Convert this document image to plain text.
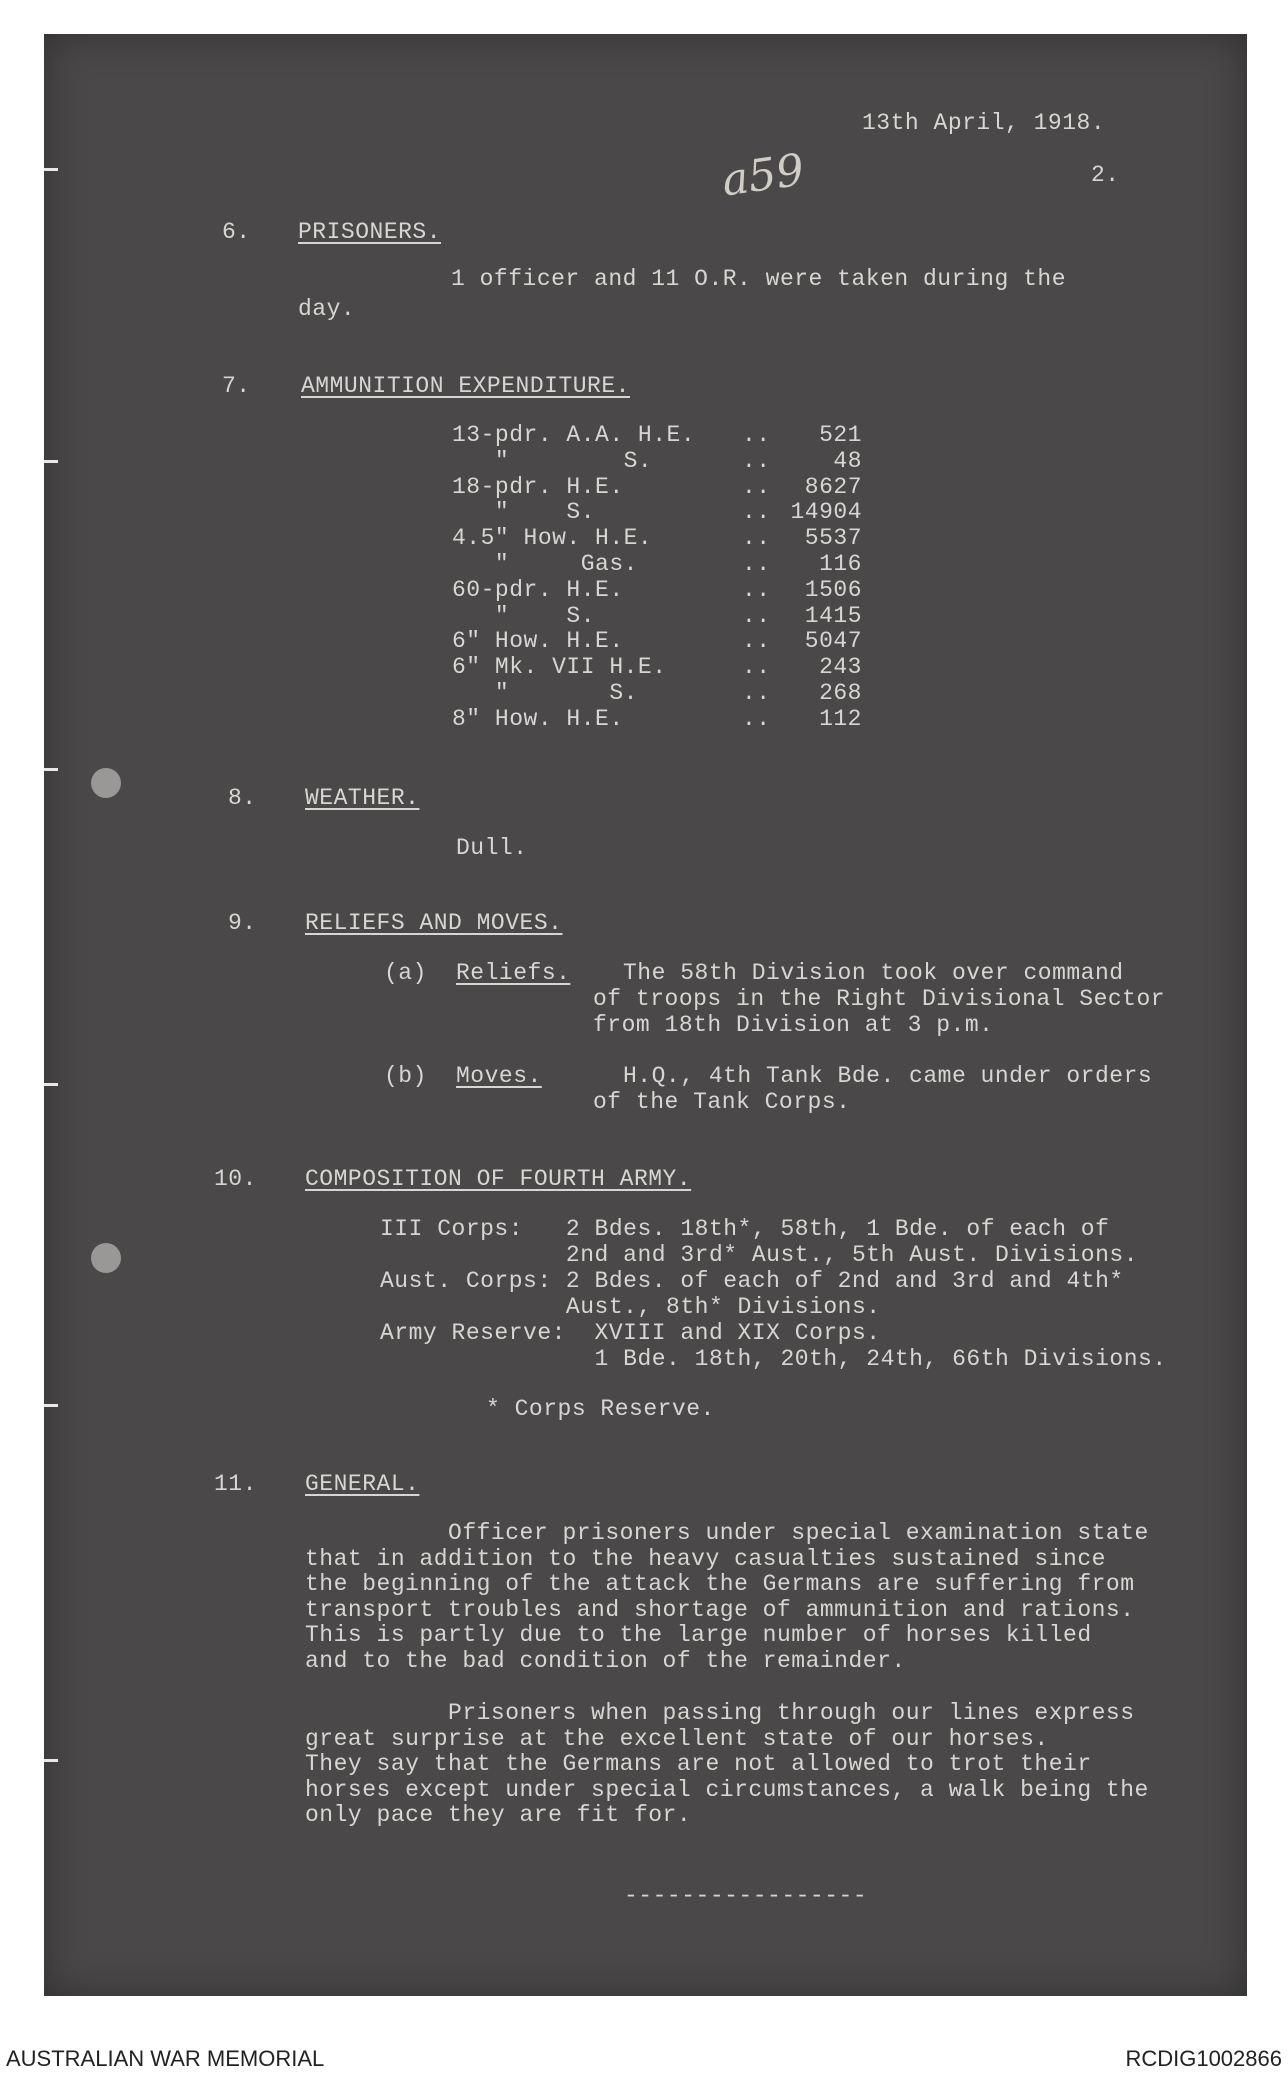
13th April, 1918.
a59	2.
6. PRISONERS.
1 officer and 11 O.R. were taken during the
day.
7. AMMUNITION EXPENDITURE.
13-pdr. A.A. H.E. .. 521
"        S.	..	48
18-pdr. H.E.	.. 8627
"    S.	.. 14904
4.5" How. H.E.	.. 5537
"     Gas.	.. 116
60-pdr. H.E.	.. 1506
"    S.	.. 1415
6" How. H.E.	.. 5047
6" Mk. VII H.E.	.. 243
"       S.	.. 268
8" How. H.E.	.. 112
8. WEATHER.
Dull.
9. RELIEFS AND MOVES.
(a) Reliefs. The 58th Division took over command
of troops in the Right Divisional Sector
from 18th Division at 3 p.m.
(b) Moves.	H.Q., 4th Tank Bde. came under orders
of the Tank Corps.
10. COMPOSITION OF FOURTH ARMY.
III Corps:   2 Bdes. 18th*, 58th, 1 Bde. of each of
2nd and 3rd* Aust., 5th Aust. Divisions.
Aust. Corps: 2 Bdes. of each of 2nd and 3rd and 4th*
Aust., 8th* Divisions.
Army Reserve:  XVIII and XIX Corps.
1 Bde. 18th, 20th, 24th, 66th Divisions.
* Corps Reserve.
11. GENERAL.
Officer prisoners under special examination state
that in addition to the heavy casualties sustained since
the beginning of the attack the Germans are suffering from
transport troubles and shortage of ammunition and rations.
This is partly due to the large number of horses killed
and to the bad condition of the remainder.
Prisoners when passing through our lines express
great surprise at the excellent state of our horses.
They say that the Germans are not allowed to trot their
horses except under special circumstances, a walk being the
only pace they are fit for.
-----------------
AUSTRALIAN WAR MEMORIAL	RCDIG1002866
